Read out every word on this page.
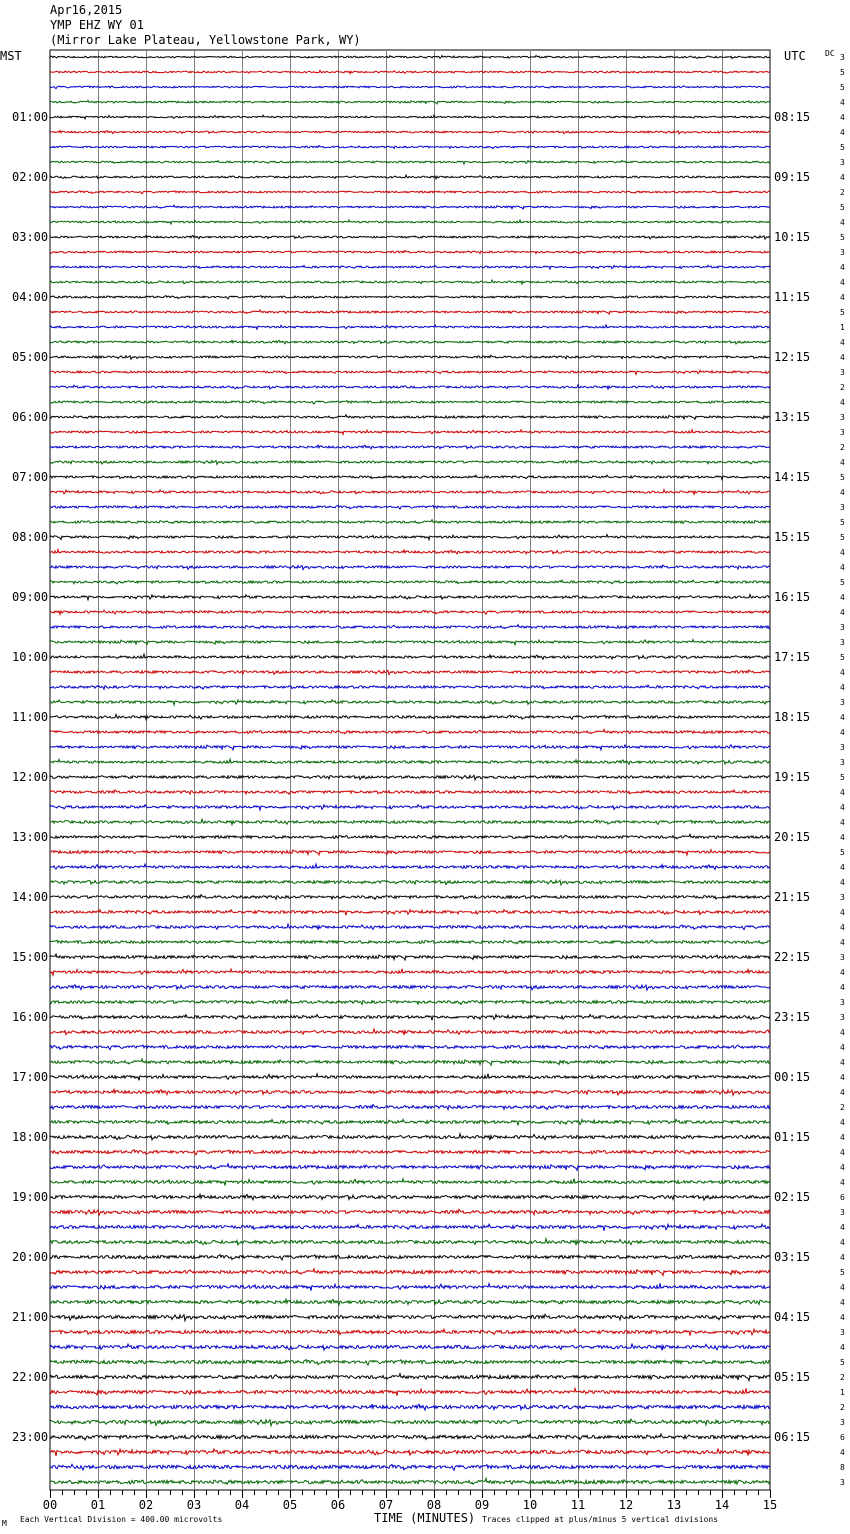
Apr16,2015
YMP EHZ WY 01
(Mirror Lake Plateau, Yellowstone Park, WY)
MST	UTC DC
01:00
02:00
03:00
04:00
05:00
06:00
07:00
08:00
09:00
10:00
11:00
12:00
13:00
14:00
15:00
16:00
17:00
18:00
19:00
20:00
21:00
22:00
23:00
08:15
09:15
10:15
11:15
12:15
13:15
14:15
15:15
16:15
17:15
18:15
19:15
20:15
21:15
22:15
23:15
00:15
01:15
02:15
03:15
04:15
05:15
06:15
3
5
5
4
4
4
5
3
4
2
5
4
5
3
4
4
4
5
1
4
4
3
2
4
3
3
2
4
5
4
3
5
5
4
4
5
4
4
3
3
5
4
4
3
4
4
3
3
5
4
4
4
4
5
4
4
3
4
4
4
3
4
4
3
3
4
4
4
4
4
2
4
4
4
4
4
6
3
4
4
4
5
4
4
4
3
4
5
2
1
2
3
6
4
8
3
00	01	02	03	04	05	06	07	08	09	10	11	12	13	14	15
M Each Vertical Division = 400.00 microvolts	TIME (MINUTES) Traces clipped at plus/minus 5 vertical divisions
